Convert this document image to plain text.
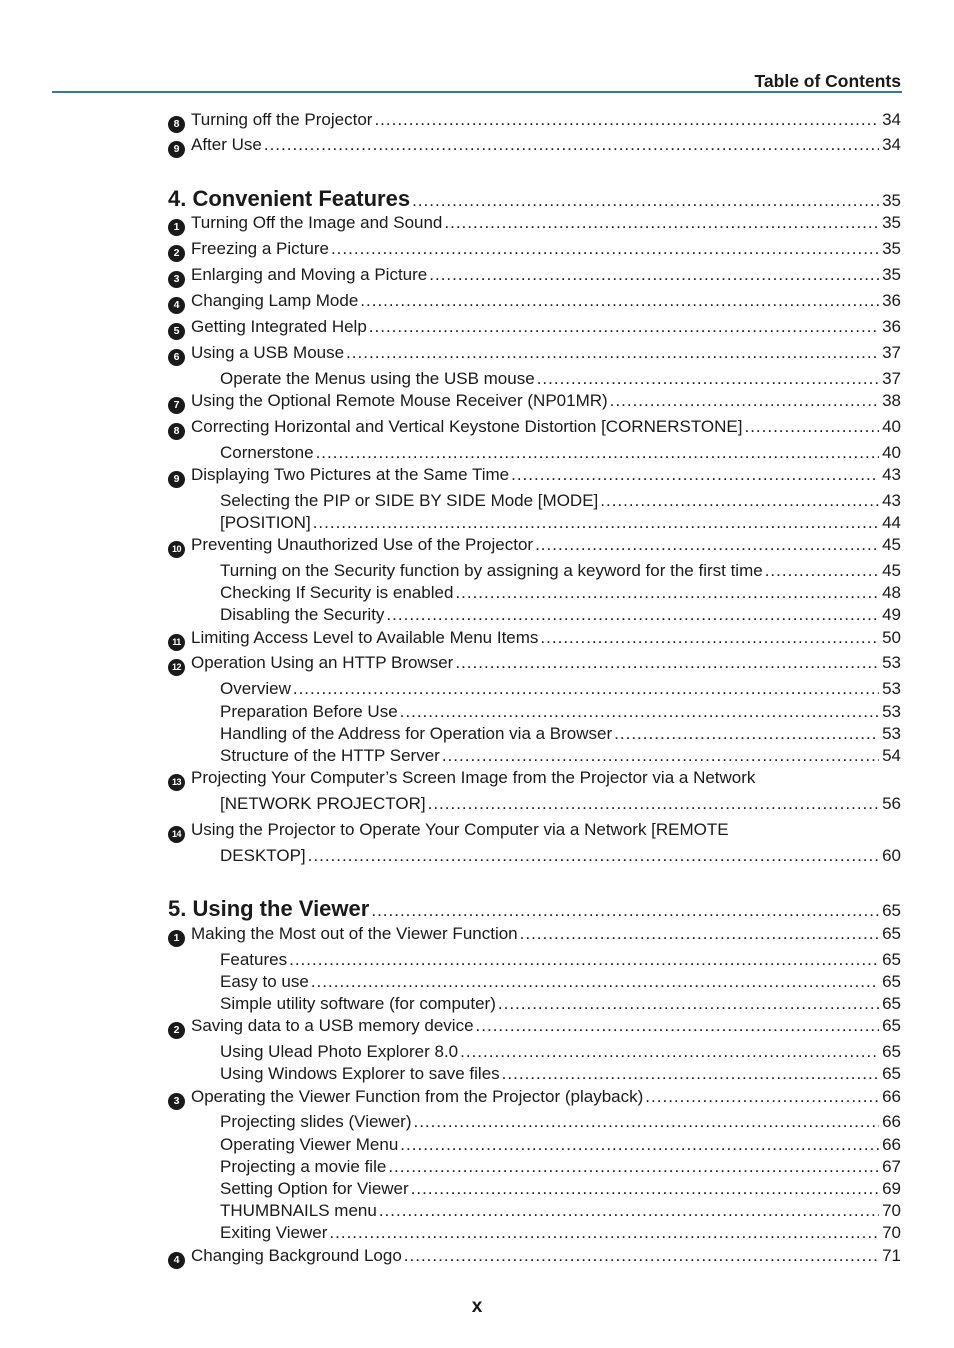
Table of Contents
8 Turning off the Projector .....	34
9 After Use .....	34
4. Convenient Features .....	35
1 Turning Off the Image and Sound .....	35
2 Freezing a Picture .....	35
3 Enlarging and Moving a Picture .....	35
4 Changing Lamp Mode .....	36
5 Getting Integrated Help .....	36
6 Using a USB Mouse .....	37
Operate the Menus using the USB mouse .....	37
7 Using the Optional Remote Mouse Receiver (NP01MR) .....	38
8 Correcting Horizontal and Vertical Keystone Distortion [CORNERSTONE] .....	40
Cornerstone .....	40
9 Displaying Two Pictures at the Same Time .....	43
Selecting the PIP or SIDE BY SIDE Mode [MODE] .....	43
[POSITION] .....	44
10 Preventing Unauthorized Use of the Projector .....	45
Turning on the Security function by assigning a keyword for the first time .....	45
Checking If Security is enabled .....	48
Disabling the Security .....	49
11 Limiting Access Level to Available Menu Items .....	50
12 Operation Using an HTTP Browser .....	53
Overview .....	53
Preparation Before Use .....	53
Handling of the Address for Operation via a Browser .....	53
Structure of the HTTP Server .....	54
13 Projecting Your Computer’s Screen Image from the Projector via a Network
[NETWORK PROJECTOR] .....	56
14 Using the Projector to Operate Your Computer via a Network [REMOTE
DESKTOP] .....	60
5. Using the Viewer .....	65
1 Making the Most out of the Viewer Function .....	65
Features .....	65
Easy to use .....	65
Simple utility software (for computer) .....	65
2 Saving data to a USB memory device .....	65
Using Ulead Photo Explorer 8.0 .....	65
Using Windows Explorer to save files .....	65
3 Operating the Viewer Function from the Projector (playback) .....	66
Projecting slides (Viewer) .....	66
Operating Viewer Menu .....	66
Projecting a movie file .....	67
Setting Option for Viewer .....	69
THUMBNAILS menu .....	70
Exiting Viewer .....	70
4 Changing Background Logo .....	71
x
